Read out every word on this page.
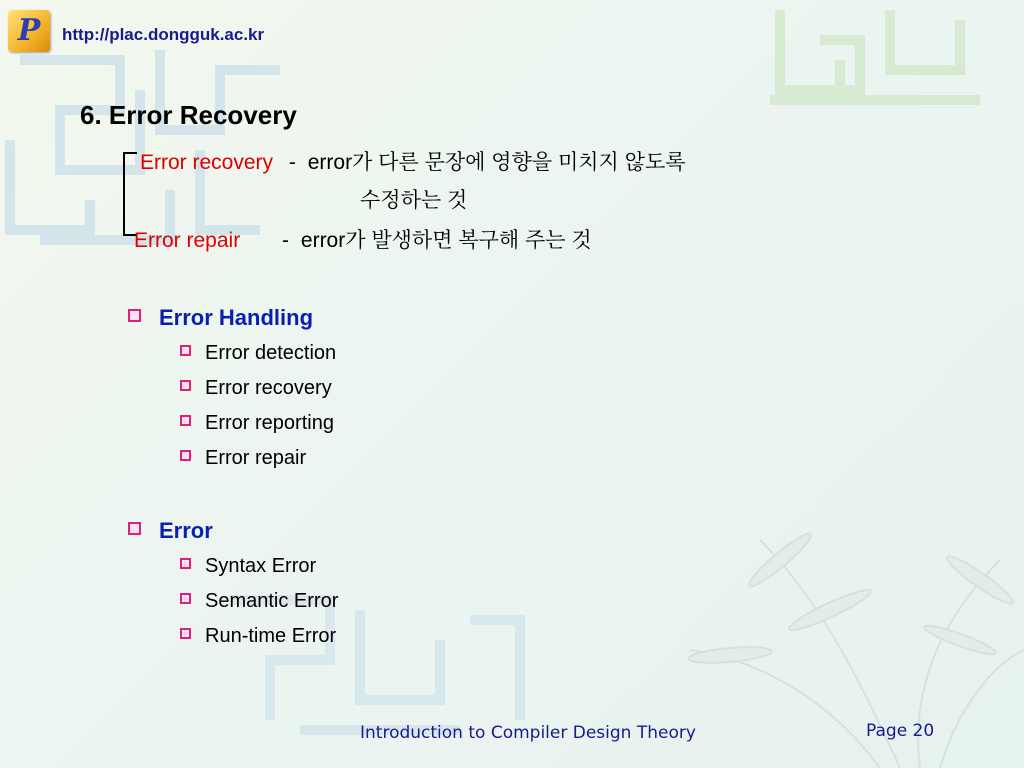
P	http://plac.dongguk.ac.kr
6. Error Recovery
Error recovery - error가 다른 문장에 영향을 미치지 않도록
수정하는 것
Error repair - error가 발생하면 복구해 주는 것
Error Handling
Error detection
Error recovery
Error reporting
Error repair
Error
Syntax Error
Semantic Error
Run-time Error
Introduction to Compiler Design Theory	Page 20
